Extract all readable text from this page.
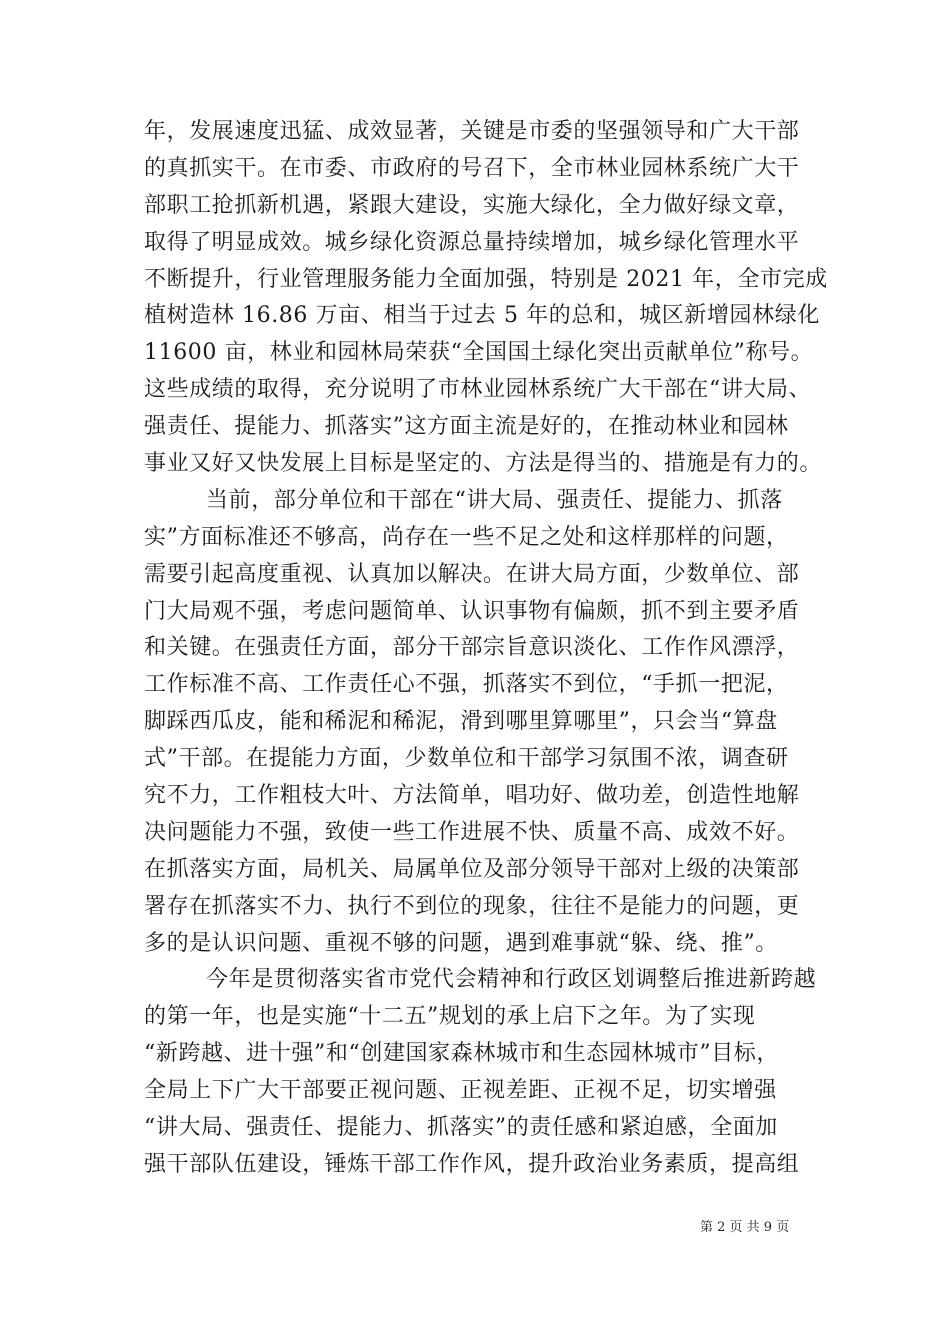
年，发展速度迅猛、成效显著，关键是市委的坚强领导和广大干部
的真抓实干。在市委、市政府的号召下，全市林业园林系统广大干
部职工抢抓新机遇，紧跟大建设，实施大绿化，全力做好绿文章，
取得了明显成效。城乡绿化资源总量持续增加，城乡绿化管理水平
不断提升，行业管理服务能力全面加强，特别是 2021 年，全市完成
植树造林 16.86 万亩、相当于过去 5 年的总和，城区新增园林绿化
11600 亩，林业和园林局荣获“全国国土绿化突出贡献单位”称号。
这些成绩的取得，充分说明了市林业园林系统广大干部在“讲大局、
强责任、提能力、抓落实”这方面主流是好的，在推动林业和园林
事业又好又快发展上目标是坚定的、方法是得当的、措施是有力的。
当前，部分单位和干部在“讲大局、强责任、提能力、抓落
实”方面标准还不够高，尚存在一些不足之处和这样那样的问题，
需要引起高度重视、认真加以解决。在讲大局方面，少数单位、部
门大局观不强，考虑问题简单、认识事物有偏颇，抓不到主要矛盾
和关键。在强责任方面，部分干部宗旨意识淡化、工作作风漂浮，
工作标准不高、工作责任心不强，抓落实不到位，“手抓一把泥，
脚踩西瓜皮，能和稀泥和稀泥，滑到哪里算哪里”，只会当“算盘
式”干部。在提能力方面，少数单位和干部学习氛围不浓，调查研
究不力，工作粗枝大叶、方法简单，唱功好、做功差，创造性地解
决问题能力不强，致使一些工作进展不快、质量不高、成效不好。
在抓落实方面，局机关、局属单位及部分领导干部对上级的决策部
署存在抓落实不力、执行不到位的现象，往往不是能力的问题，更
多的是认识问题、重视不够的问题，遇到难事就“躲、绕、推”。
今年是贯彻落实省市党代会精神和行政区划调整后推进新跨越
的第一年，也是实施“十二五”规划的承上启下之年。为了实现
“新跨越、进十强”和“创建国家森林城市和生态园林城市”目标，
全局上下广大干部要正视问题、正视差距、正视不足，切实增强
“讲大局、强责任、提能力、抓落实”的责任感和紧迫感，全面加
强干部队伍建设，锤炼干部工作作风，提升政治业务素质，提高组
第 2 页 共 9 页
